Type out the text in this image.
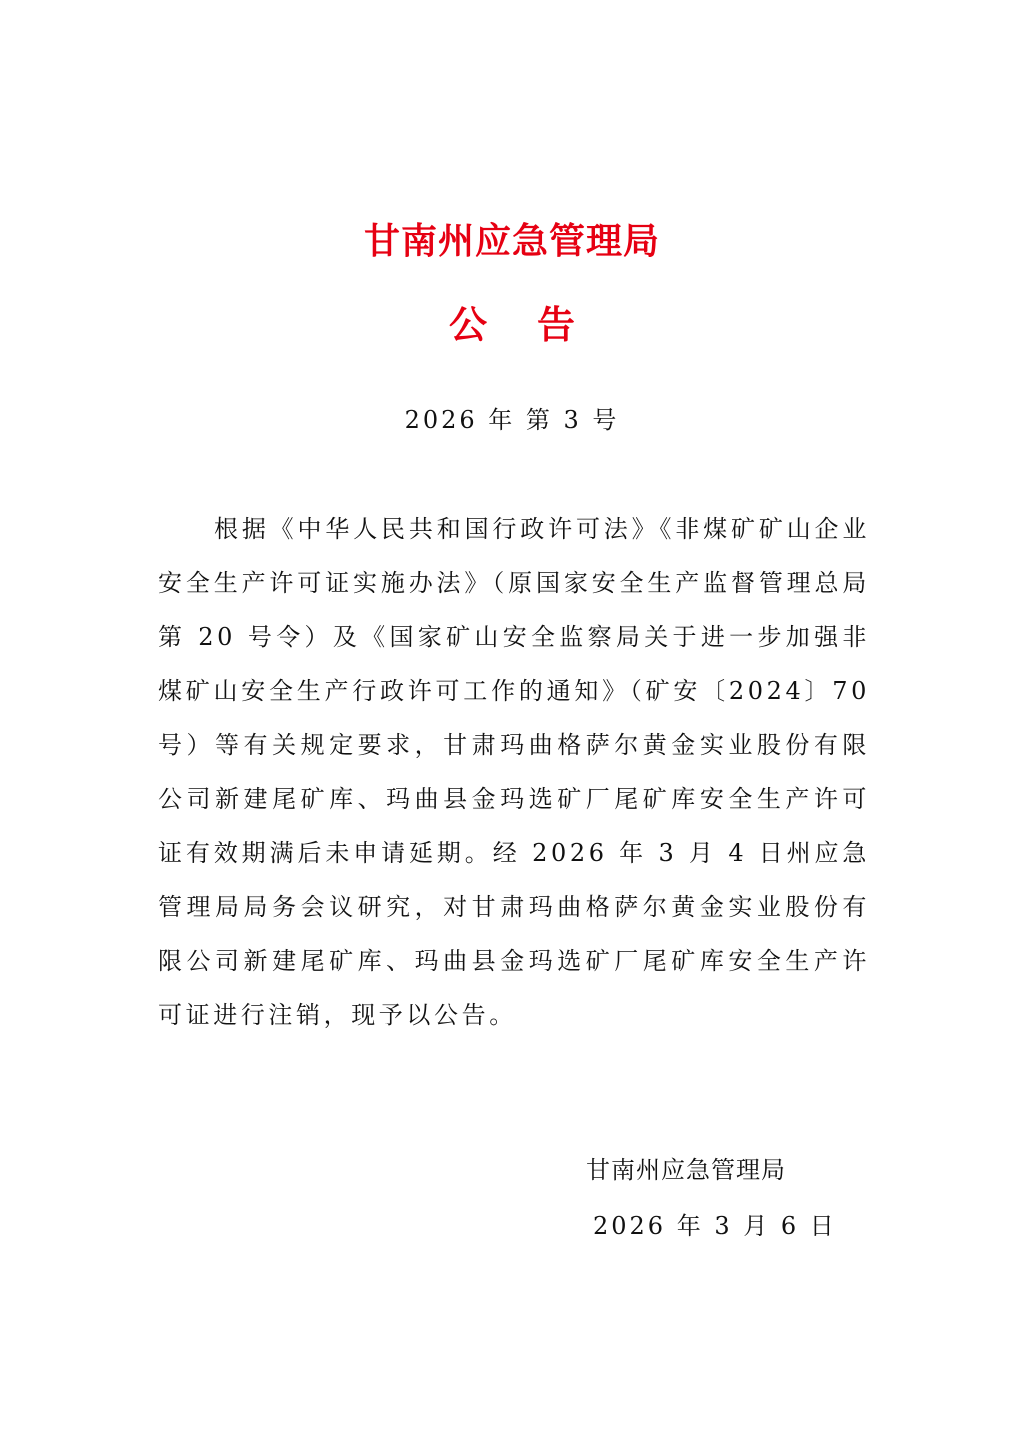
甘南州应急管理局
公 告

2026 年 第 3 号

根据《中华人民共和国行政许可法》《非煤矿矿山企业安全生产许可证实施办法》（原国家安全生产监督管理总局第 20 号令）及《国家矿山安全监察局关于进一步加强非煤矿山安全生产行政许可工作的通知》（矿安〔2024〕70 号）等有关规定要求，甘肃玛曲格萨尔黄金实业股份有限公司新建尾矿库、玛曲县金玛选矿厂尾矿库安全生产许可证有效期满后未申请延期。经 2026 年 3 月 4 日州应急管理局局务会议研究，对甘肃玛曲格萨尔黄金实业股份有限公司新建尾矿库、玛曲县金玛选矿厂尾矿库安全生产许可证进行注销，现予以公告。

甘南州应急管理局

2026 年 3 月 6 日
